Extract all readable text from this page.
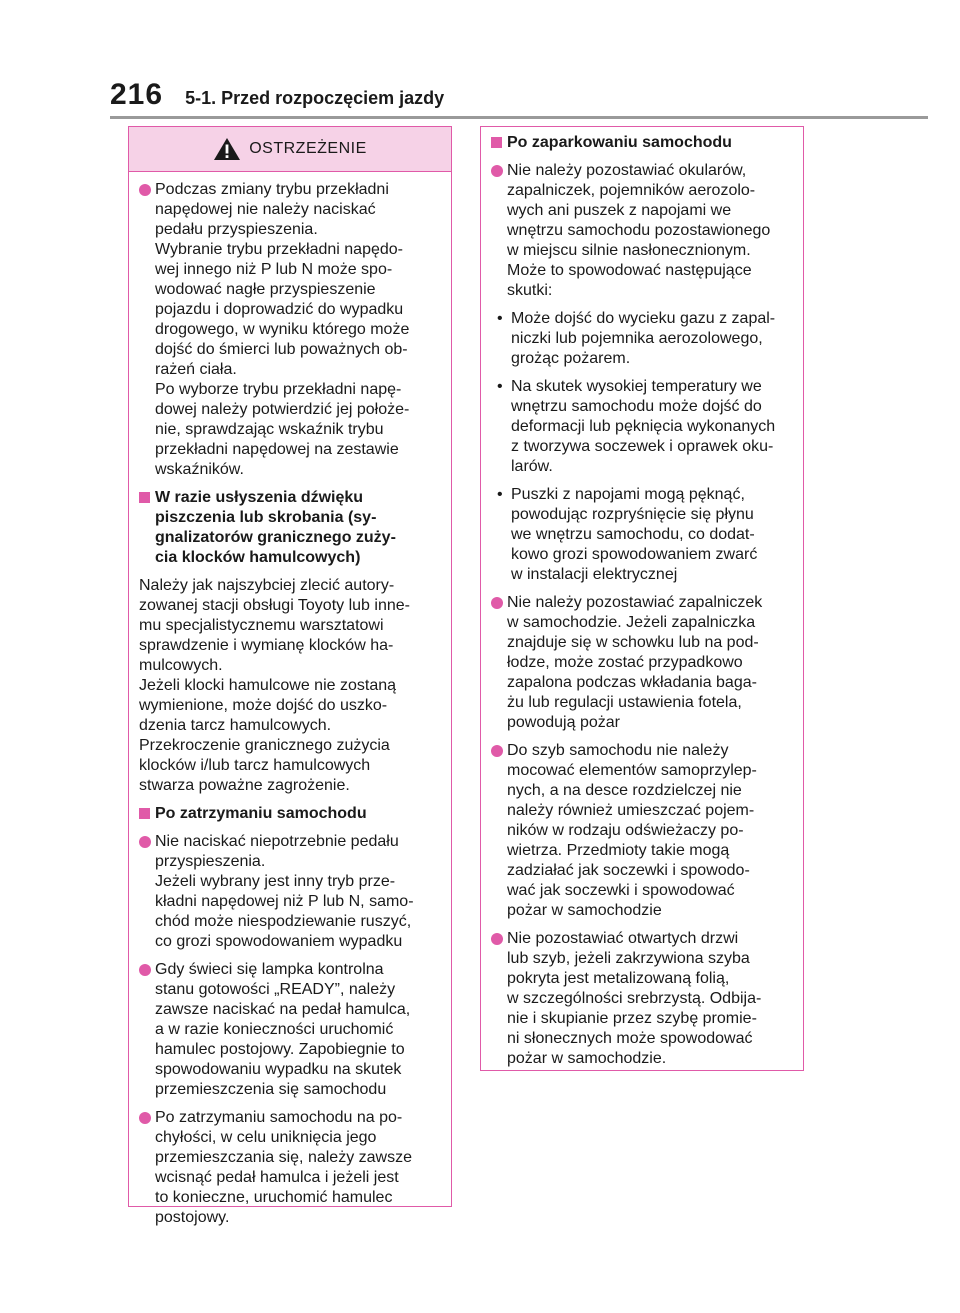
216 5-1. Przed rozpoczęciem jazdy
OSTRZEŻENIE
Podczas zmiany trybu przekładni
napędowej nie należy naciskać
pedału przyspieszenia.
Wybranie trybu przekładni napędo-
wej innego niż P lub N może spo-
wodować nagłe przyspieszenie
pojazdu i doprowadzić do wypadku
drogowego, w wyniku którego może
dojść do śmierci lub poważnych ob-
rażeń ciała.
Po wyborze trybu przekładni napę-
dowej należy potwierdzić jej położe-
nie, sprawdzając wskaźnik trybu
przekładni napędowej na zestawie
wskaźników.
W razie usłyszenia dźwięku
piszczenia lub skrobania (sy-
gnalizatorów granicznego zuży-
cia klocków hamulcowych)
Należy jak najszybciej zlecić autory-
zowanej stacji obsługi Toyoty lub inne-
mu specjalistycznemu warsztatowi
sprawdzenie i wymianę klocków ha-
mulcowych.
Jeżeli klocki hamulcowe nie zostaną
wymienione, może dojść do uszko-
dzenia tarcz hamulcowych.
Przekroczenie granicznego zużycia
klocków i/lub tarcz hamulcowych
stwarza poważne zagrożenie.
Po zatrzymaniu samochodu
Nie naciskać niepotrzebnie pedału
przyspieszenia.
Jeżeli wybrany jest inny tryb prze-
kładni napędowej niż P lub N, samo-
chód może niespodziewanie ruszyć,
co grozi spowodowaniem wypadku
Gdy świeci się lampka kontrolna
stanu gotowości „READY”, należy
zawsze naciskać na pedał hamulca,
a w razie konieczności uruchomić
hamulec postojowy. Zapobiegnie to
spowodowaniu wypadku na skutek
przemieszczenia się samochodu
Po zatrzymaniu samochodu na po-
chyłości, w celu uniknięcia jego
przemieszczania się, należy zawsze
wcisnąć pedał hamulca i jeżeli jest
to konieczne, uruchomić hamulec
postojowy.
Po zaparkowaniu samochodu
Nie należy pozostawiać okularów,
zapalniczek, pojemników aerozolo-
wych ani puszek z napojami we
wnętrzu samochodu pozostawionego
w miejscu silnie nasłonecznionym.
Może to spowodować następujące
skutki:
• Może dojść do wycieku gazu z zapal-
niczki lub pojemnika aerozolowego,
grożąc pożarem.
• Na skutek wysokiej temperatury we
wnętrzu samochodu może dojść do
deformacji lub pęknięcia wykonanych
z tworzywa soczewek i oprawek oku-
larów.
• Puszki z napojami mogą pęknąć,
powodując rozpryśnięcie się płynu
we wnętrzu samochodu, co dodat-
kowo grozi spowodowaniem zwarć
w instalacji elektrycznej
Nie należy pozostawiać zapalniczek
w samochodzie. Jeżeli zapalniczka
znajduje się w schowku lub na pod-
łodze, może zostać przypadkowo
zapalona podczas wkładania baga-
żu lub regulacji ustawienia fotela,
powodują pożar
Do szyb samochodu nie należy
mocować elementów samoprzylep-
nych, a na desce rozdzielczej nie
należy również umieszczać pojem-
ników w rodzaju odświeżaczy po-
wietrza. Przedmioty takie mogą
zadziałać jak soczewki i spowodo-
wać jak soczewki i spowodować
pożar w samochodzie
Nie pozostawiać otwartych drzwi
lub szyb, jeżeli zakrzywiona szyba
pokryta jest metalizowaną folią,
w szczególności srebrzystą. Odbija-
nie i skupianie przez szybę promie-
ni słonecznych może spowodować
pożar w samochodzie.
